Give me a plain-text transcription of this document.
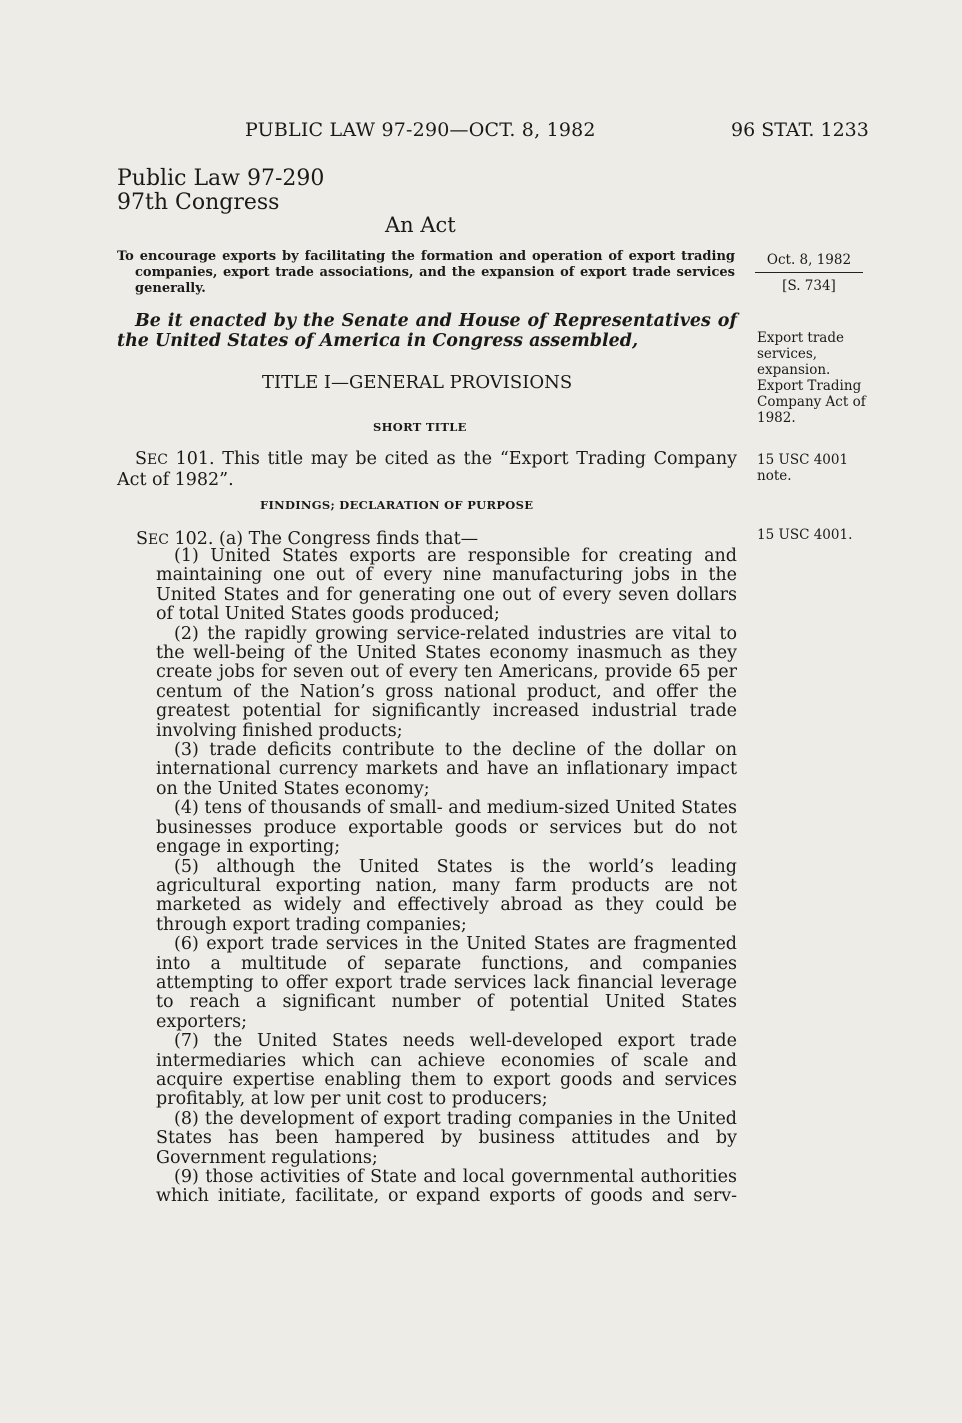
PUBLIC LAW 97-290—OCT. 8, 1982	96 STAT. 1233
Public Law 97-290
97th Congress
An Act
To encourage exports by facilitating the formation and operation of export trading companies, export trade associations, and the expansion of export trade services generally.
Oct. 8, 1982
[S. 734]
Be it enacted by the Senate and House of Representatives of the United States of America in Congress assembled,	Export trade
services,
expansion.
Export Trading
Company Act of
1982.
TITLE I—GENERAL PROVISIONS
SHORT TITLE
SEC 101. This title may be cited as the “Export Trading Company Act of 1982”.
15 USC 4001
note.
FINDINGS; DECLARATION OF PURPOSE
SEC 102. (a) The Congress finds that—	15 USC 4001.

(1) United States exports are responsible for creating and maintaining one out of every nine manufacturing jobs in the United States and for generating one out of every seven dollars of total United States goods produced;

(2) the rapidly growing service-related industries are vital to the well-being of the United States economy inasmuch as they create jobs for seven out of every ten Americans, provide 65 per centum of the Nation’s gross national product, and offer the greatest potential for significantly increased industrial trade involving finished products;

(3) trade deficits contribute to the decline of the dollar on international currency markets and have an inflationary impact on the United States economy;

(4) tens of thousands of small- and medium-sized United States businesses produce exportable goods or services but do not engage in exporting;

(5) although the United States is the world’s leading agricultural exporting nation, many farm products are not marketed as widely and effectively abroad as they could be through export trading companies;

(6) export trade services in the United States are fragmented into a multitude of separate functions, and companies attempting to offer export trade services lack financial leverage to reach a significant number of potential United States exporters;

(7) the United States needs well-developed export trade intermediaries which can achieve economies of scale and acquire expertise enabling them to export goods and services profitably, at low per unit cost to producers;

(8) the development of export trading companies in the United States has been hampered by business attitudes and by Government regulations;

(9) those activities of State and local governmental authorities which initiate, facilitate, or expand exports of goods and serv-
